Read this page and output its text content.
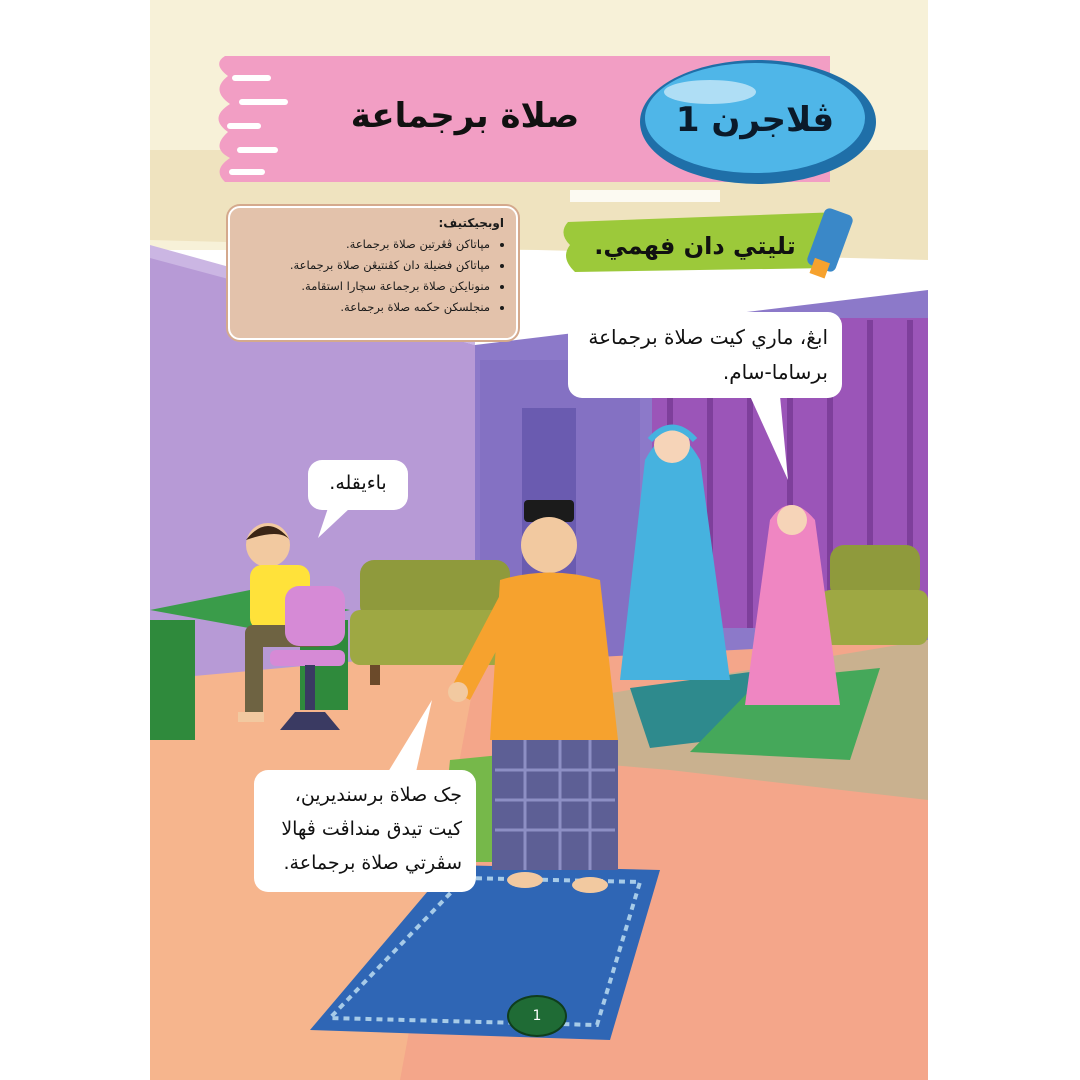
صلاة برجماعة	ڤلاجرن 1
تليتي دان فهمي.
اوبجيكتيف:
• مپاتاكن ڤڠرتين صلاة برجماعة.
• مپاتاكن فضيلة دان كڤنتيڠن صلاة برجماعة.
• منونايكن صلاة برجماعة سچارا استقامة.
• منجلسكن حكمه صلاة برجماعة.
ابڠ، ماري كيت صلاة برجماعة برساما-سام.
باءيقله.
جک صلاة برسنديرين، كيت تيدق منداڤت ڤهالا سڤرتي صلاة برجماعة.
1
